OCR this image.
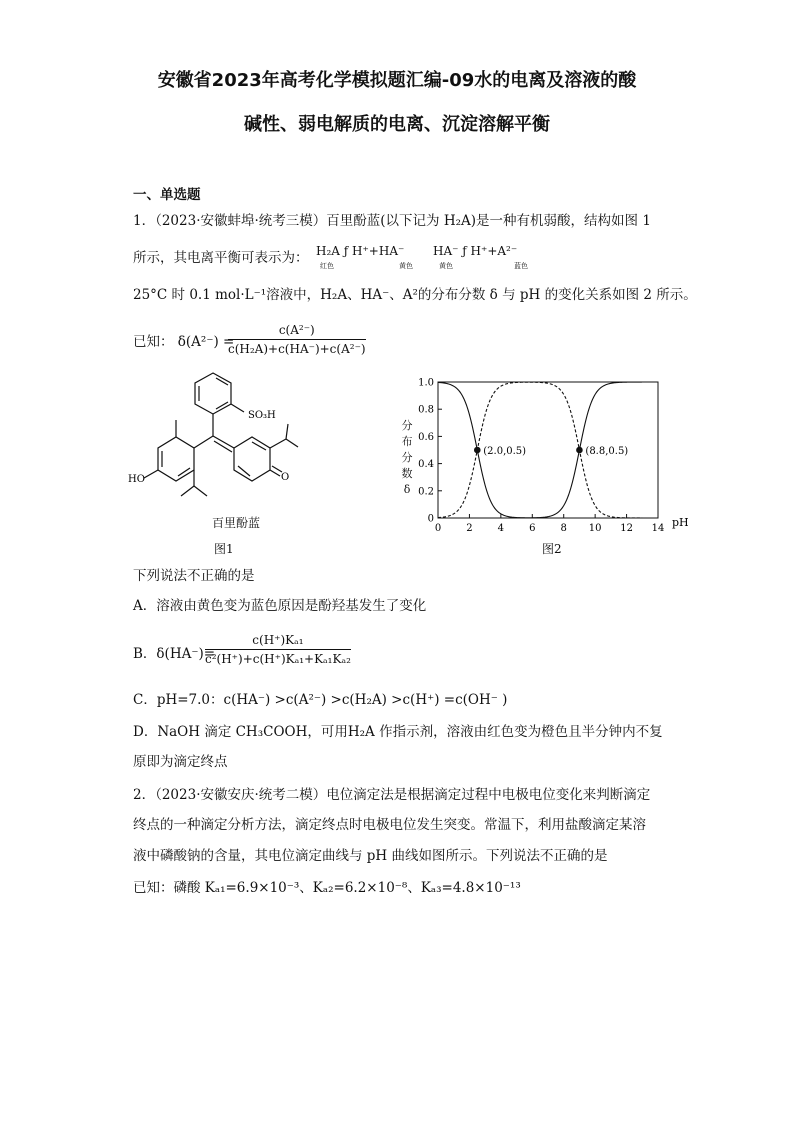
安徽省2023年高考化学模拟题汇编-09水的电离及溶液的酸
碱性、弱电解质的电离、沉淀溶解平衡
一、单选题
1．（2023·安徽蚌埠·统考三模）百里酚蓝(以下记为 H₂A)是一种有机弱酸，结构如图 1
所示，其电离平衡可表示为： H₂A ƒ H⁺+HA⁻
红色	黄色
HA⁻ ƒ H⁺+A²⁻
黄色	蓝色
25°C 时 0.1 mol·L⁻¹溶液中，H₂A、HA⁻、A²的分布分数 δ 与 pH 的变化关系如图 2 所示。
已知： δ(A²⁻) =
c(A²⁻)
c(H₂A)+c(HA⁻)+c(A²⁻)
SO₃H
HO	O
百里酚蓝
图1
分布分数δ
0	2	4	6	8 10 12 14
0
0.2
0.4
0.6
0.8
1.0
(2.0,0.5)	(8.8,0.5)
pH
图2
下列说法不正确的是
A．溶液由黄色变为蓝色原因是酚羟基发生了变化
B．δ(HA⁻)=
c(H⁺)Kₐ₁
c²(H⁺)+c(H⁺)Kₐ₁+Kₐ₁Kₐ₂
C．pH=7.0：c(HA⁻) >c(A²⁻) >c(H₂A) >c(H⁺) =c(OH⁻ )
D．NaOH 滴定 CH₃COOH，可用H₂A 作指示剂，溶液由红色变为橙色且半分钟内不复
原即为滴定终点
2．（2023·安徽安庆·统考二模）电位滴定法是根据滴定过程中电极电位变化来判断滴定
终点的一种滴定分析方法，滴定终点时电极电位发生突变。常温下，利用盐酸滴定某溶
液中磷酸钠的含量，其电位滴定曲线与 pH 曲线如图所示。下列说法不正确的是
已知：磷酸 Kₐ₁=6.9×10⁻³、Kₐ₂=6.2×10⁻⁸、Kₐ₃=4.8×10⁻¹³
